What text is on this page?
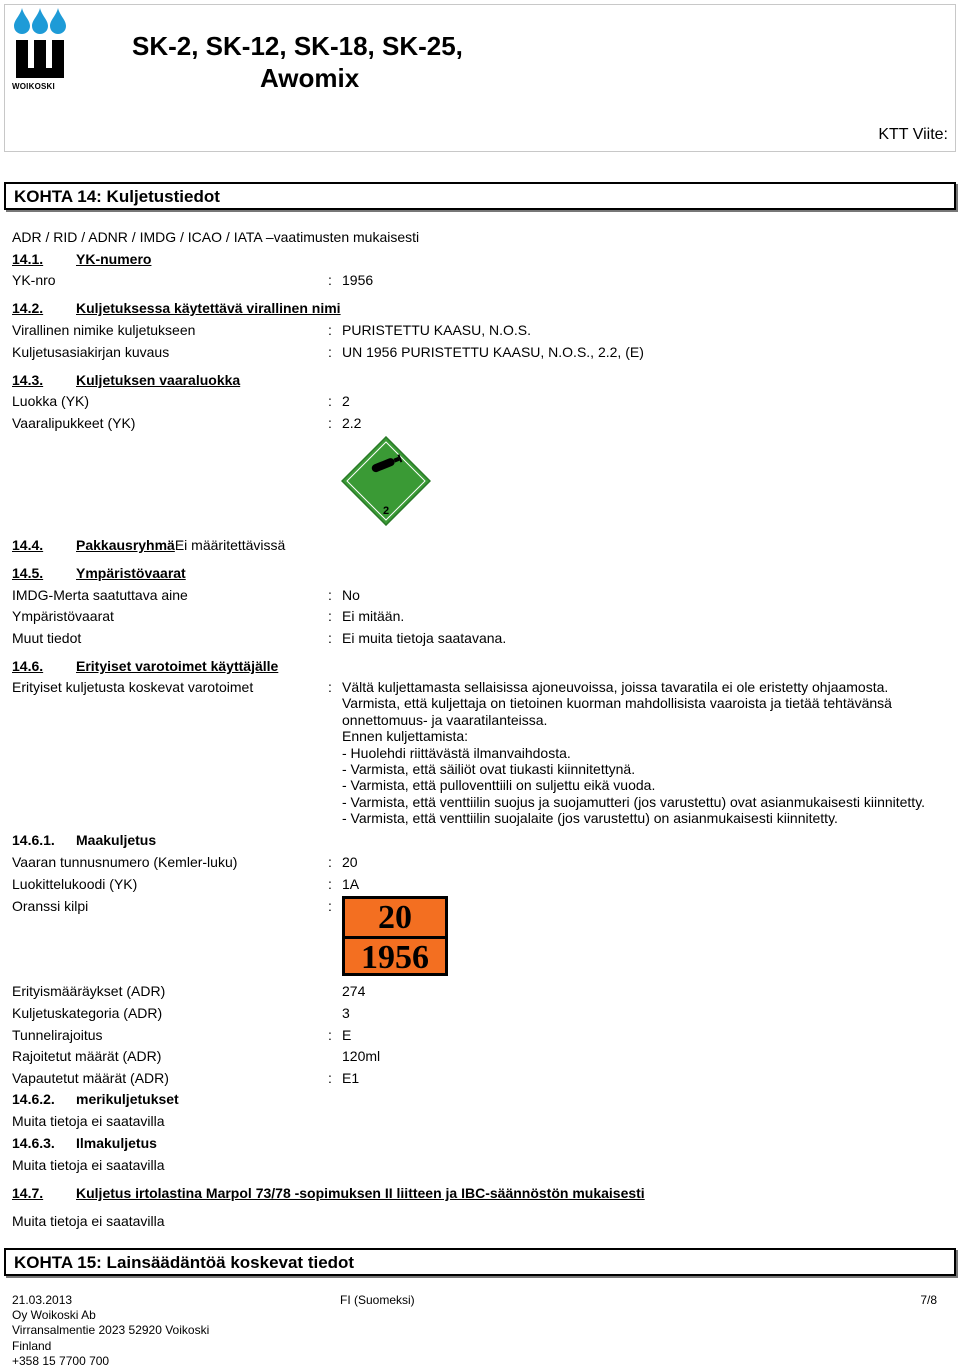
WOIKOSKI
SK-2, SK-12, SK-18, SK-25,
Awomix
KTT Viite:
KOHTA 14: Kuljetustiedot
ADR / RID / ADNR / IMDG / ICAO / IATA –vaatimusten mukaisesti
14.1. YK-numero
YK-nro	: 1956
14.2. Kuljetuksessa käytettävä virallinen nimi
Virallinen nimike kuljetukseen	: PURISTETTU KAASU, N.O.S.
Kuljetusasiakirjan kuvaus	: UN 1956 PURISTETTU KAASU, N.O.S., 2.2, (E)
14.3. Kuljetuksen vaaraluokka
Luokka (YK)	: 2
Vaaralipukkeet (YK)	: 2.2
2
14.4. PakkausryhmäEi määritettävissä
14.5. Ympäristövaarat
IMDG-Merta saatuttava aine	: No
Ympäristövaarat	: Ei mitään.
Muut tiedot	: Ei muita tietoja saatavana.
14.6. Erityiset varotoimet käyttäjälle
Erityiset kuljetusta koskevat varotoimet	: Vältä kuljettamasta sellaisissa ajoneuvoissa, joissa tavaratila ei ole eristetty ohjaamosta.
Varmista, että kuljettaja on tietoinen kuorman mahdollisista vaaroista ja tietää tehtävänsä
onnettomuus- ja vaaratilanteissa.
Ennen kuljettamista:
- Huolehdi riittävästä ilmanvaihdosta.
- Varmista, että säiliöt ovat tiukasti kiinnitettynä.
- Varmista, että pulloventtiili on suljettu eikä vuoda.
- Varmista, että venttiilin suojus ja suojamutteri (jos varustettu) ovat asianmukaisesti kiinnitetty.
- Varmista, että venttiilin suojalaite (jos varustettu) on asianmukaisesti kiinnitetty.
14.6.1. Maakuljetus
Vaaran tunnusnumero (Kemler-luku)	: 20
Luokittelukoodi (YK)	: 1A
Oranssi kilpi	:	20
1956
Erityismääräykset (ADR)	274
Kuljetuskategoria (ADR)	3
Tunnelirajoitus	: E
Rajoitetut määrät (ADR)	120ml
Vapautetut määrät (ADR)	: E1
14.6.2. merikuljetukset
Muita tietoja ei saatavilla
14.6.3. Ilmakuljetus
Muita tietoja ei saatavilla
14.7. Kuljetus irtolastina Marpol 73/78 -sopimuksen II liitteen ja IBC-säännöstön mukaisesti
Muita tietoja ei saatavilla
KOHTA 15: Lainsäädäntöä koskevat tiedot
21.03.2013
Oy Woikoski Ab
Virransalmentie 2023 52920 Voikoski
Finland
+358 15 7700 700
FI (Suomeksi)	7/8
